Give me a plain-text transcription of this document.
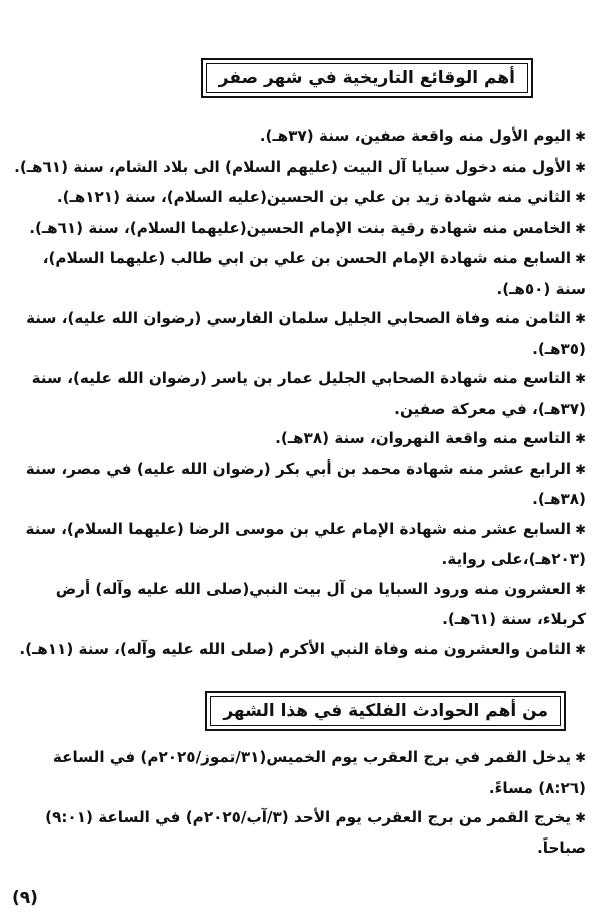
أهم الوقائع التاريخية في شهر صفر
✱اليوم الأول منه واقعة صفين، سنة (٣٧هـ).
✱الأول منه دخول سبايا آل البيت (عليهم السلام) الى بلاد الشام، سنة (٦١هـ).
✱الثاني منه شهادة زيد بن علي بن الحسين(عليه السلام)، سنة (١٢١هـ).
✱الخامس منه شهادة رقية بنت الإمام الحسين(عليهما السلام)، سنة (٦١هـ).
✱السابع منه شهادة الإمام الحسن بن علي بن ابي طالب (عليهما السلام)، سنة (٥٠هـ).
✱الثامن منه وفاة الصحابي الجليل سلمان الفارسي (رضوان الله عليه)، سنة (٣٥هـ).
✱التاسع منه شهادة الصحابي الجليل عمار بن ياسر (رضوان الله عليه)، سنة (٣٧هـ)، في معركة صفين.
✱التاسع منه واقعة النهروان، سنة (٣٨هـ).
✱الرابع عشر منه شهادة محمد بن أبي بكر (رضوان الله عليه) في مصر، سنة (٣٨هـ).
✱السابع عشر منه شهادة الإمام علي بن موسى الرضا (عليهما السلام)، سنة (٢٠٣هـ)،على رواية.
✱العشرون منه ورود السبايا من آل بيت النبي(صلى الله عليه وآله) أرض كربلاء، سنة (٦١هـ).
✱الثامن والعشرون منه وفاة النبي الأكرم (صلى الله عليه وآله)، سنة (١١هـ).
من أهم الحوادث الفلكية في هذا الشهر
✱يدخل القمر في برج العقرب يوم الخميس(٣١/تموز/٢٠٢٥م) في الساعة (٨:٢٦) مساءً.
✱يخرج القمر من برج العقرب يوم الأحد (٣/آب/٢٠٢٥م) في الساعة (٩:٠١) صباحاً.
(٩)
